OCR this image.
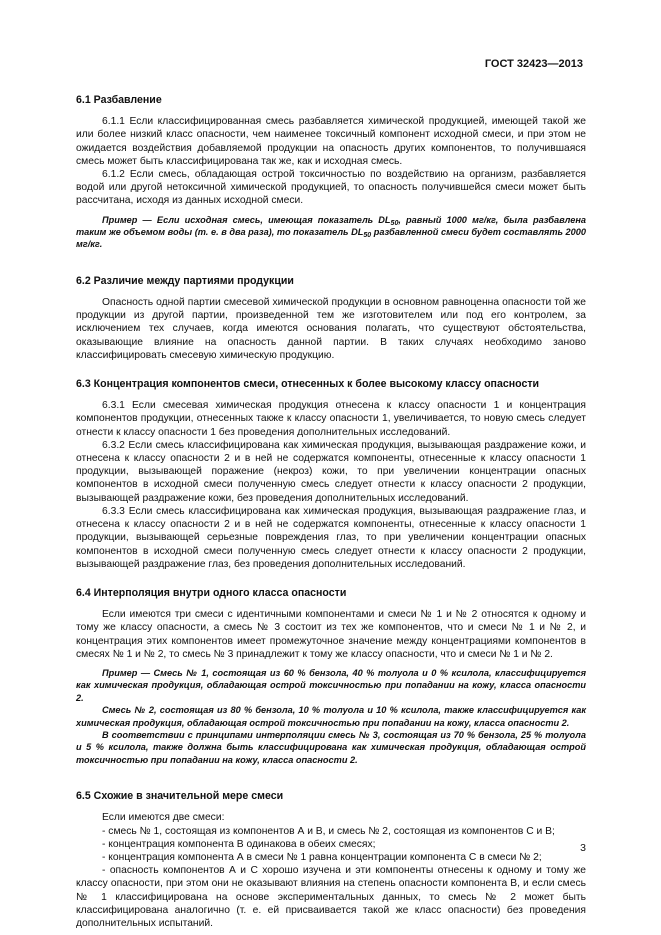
ГОСТ 32423—2013
6.1 Разбавление

6.1.1 Если классифицированная смесь разбавляется химической продукцией, имеющей такой же или более низкий класс опасности, чем наименее токсичный компонент исходной смеси, и при этом не ожидается воздействия добавляемой продукции на опасность других компонентов, то получившаяся смесь может быть классифицирована так же, как и исходная смесь.

6.1.2 Если смесь, обладающая острой токсичностью по воздействию на организм, разбавляется водой или другой нетоксичной химической продукцией, то опасность получившейся смеси может быть рассчитана, исходя из данных исходной смеси.

Пример — Если исходная смесь, имеющая показатель $DL_{50}$, равный 1000 мг/кг, была разбавлена таким же объемом воды (т. е. в два раза), то показатель $DL_{50}$ разбавленной смеси будет составлять 2000 мг/кг.

6.2 Различие между партиями продукции

Опасность одной партии смесевой химической продукции в основном равноценна опасности той же продукции из другой партии, произведенной тем же изготовителем или под его контролем, за исключением тех случаев, когда имеются основания полагать, что существуют обстоятельства, оказывающие влияние на опасность данной партии. В таких случаях необходимо заново классифицировать смесевую химическую продукцию.

6.3 Концентрация компонентов смеси, отнесенных к более высокому классу опасности

6.3.1 Если смесевая химическая продукция отнесена к классу опасности 1 и концентрация компонентов продукции, отнесенных также к классу опасности 1, увеличивается, то новую смесь следует отнести к классу опасности 1 без проведения дополнительных исследований.

6.3.2 Если смесь классифицирована как химическая продукция, вызывающая раздражение кожи, и отнесена к классу опасности 2 и в ней не содержатся компоненты, отнесенные к классу опасности 1 продукции, вызывающей поражение (некроз) кожи, то при увеличении концентрации опасных компонентов в исходной смеси полученную смесь следует отнести к классу опасности 2 продукции, вызывающей раздражение кожи, без проведения дополнительных исследований.

6.3.3 Если смесь классифицирована как химическая продукция, вызывающая раздражение глаз, и отнесена к классу опасности 2 и в ней не содержатся компоненты, отнесенные к классу опасности 1 продукции, вызывающей серьезные повреждения глаз, то при увеличении концентрации опасных компонентов в исходной смеси полученную смесь следует отнести к классу опасности 2 продукции, вызывающей раздражение глаз, без проведения дополнительных исследований.

6.4 Интерполяция внутри одного класса опасности

Если имеются три смеси с идентичными компонентами и смеси № 1 и № 2 относятся к одному и тому же классу опасности, а смесь № 3 состоит из тех же компонентов, что и смеси № 1 и № 2, и концентрация этих компонентов имеет промежуточное значение между концентрациями компонентов в смесях № 1 и № 2, то смесь № 3 принадлежит к тому же классу опасности, что и смеси № 1 и № 2.

Пример — Смесь № 1, состоящая из 60 % бензола, 40 % толуола и 0 % ксилола, классифицируется как химическая продукция, обладающая острой токсичностью при попадании на кожу, класса опасности 2.

Смесь № 2, состоящая из 80 % бензола, 10 % толуола и 10 % ксилола, также классифицируется как химическая продукция, обладающая острой токсичностью при попадании на кожу, класса опасности 2.

В соответствии с принципами интерполяции смесь № 3, состоящая из 70 % бензола, 25 % толуола и 5 % ксилола, также должна быть классифицирована как химическая продукция, обладающая острой токсичностью при попадании на кожу, класса опасности 2.

6.5 Схожие в значительной мере смеси

Если имеются две смеси:

- смесь № 1, состоящая из компонентов А и В, и смесь № 2, состоящая из компонентов С и В;

- концентрация компонента В одинакова в обеих смесях;

- концентрация компонента А в смеси № 1 равна концентрации компонента С в смеси № 2;

- опасность компонентов А и С хорошо изучена и эти компоненты отнесены к одному и тому же классу опасности, при этом они не оказывают влияния на степень опасности компонента В, и если смесь № 1 классифицирована на основе экспериментальных данных, то смесь № 2 может быть классифицирована аналогично (т. е. ей присваивается такой же класс опасности) без проведения дополнительных испытаний.

3
